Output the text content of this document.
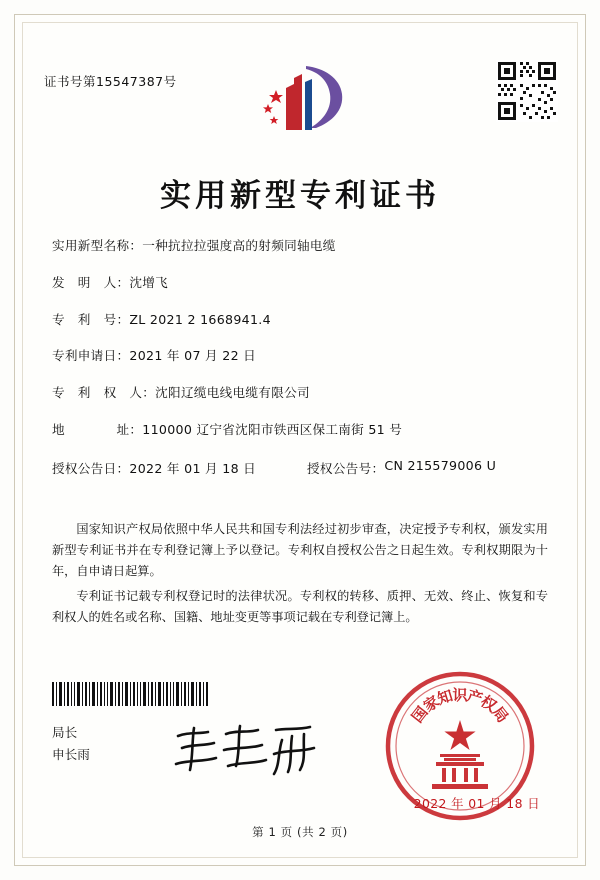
证书号第15547387号
实用新型专利证书
实用新型名称： 一种抗拉拉强度高的射频同轴电缆
发　明　人： 沈增飞
专　利　号： ZL 2021 2 1668941.4
专利申请日： 2021 年 07 月 22 日
专　利　权　人： 沈阳辽缆电线电缆有限公司
地　　　　址： 110000 辽宁省沈阳市铁西区保工南街 51 号
授权公告日： 2022 年 01 月 18 日	授权公告号： CN 215579006 U

国家知识产权局依照中华人民共和国专利法经过初步审查，决定授予专利权，颁发实用新型专利证书并在专利登记簿上予以登记。专利权自授权公告之日起生效。专利权期限为十年，自申请日起算。

专利证书记载专利权登记时的法律状况。专利权的转移、质押、无效、终止、恢复和专利权人的姓名或名称、国籍、地址变更等事项记载在专利登记簿上。

局长
申长雨
家
知
识
产
权
局
国
2022 年 01 月 18 日
第 1 页 (共 2 页)
